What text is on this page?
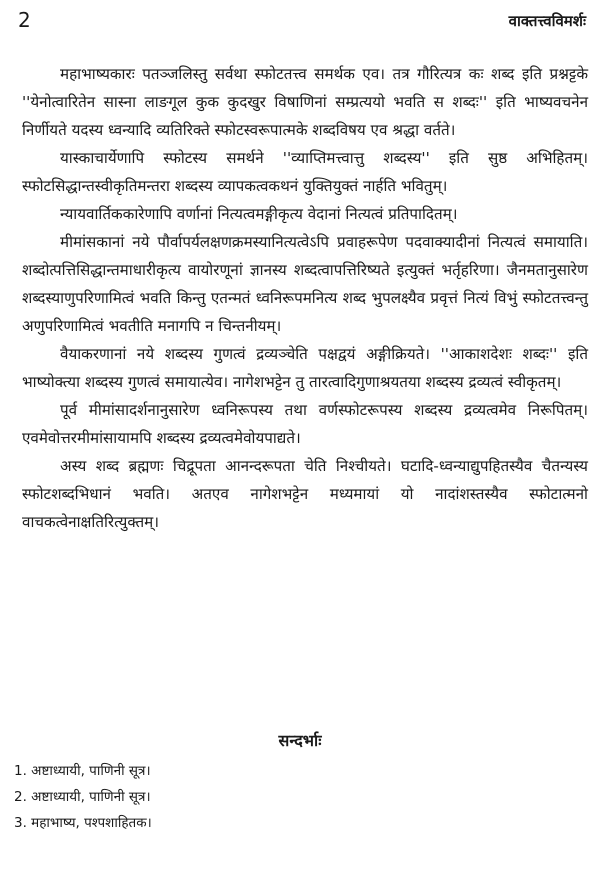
2	वाक्तत्त्वविमर्शः

महाभाष्यकारः पतञ्जलिस्तु सर्वथा स्फोटतत्त्व समर्थक एव। तत्र गौरित्यत्र कः शब्द इति प्रश्नट्टके ''येनोत्वारितेन सास्ना लाङगूल कुक कुदखुर विषाणिनां सम्प्रत्ययो भवति स शब्दः'' इति भाष्यवचनेन निर्णीयते यदस्य ध्वन्यादि व्यतिरिक्ते स्फोटस्वरूपात्मके शब्दविषय एव श्रद्धा वर्तते।

यास्काचार्येणापि स्फोटस्य समर्थने ''व्याप्तिमत्त्वात्तु शब्दस्य'' इति सुष्ठ अभिहितम्। स्फोटसिद्धान्तस्वीकृतिमन्तरा शब्दस्य व्यापकत्वकथनं युक्तियुक्तं नार्हति भवितुम्।

न्यायवार्तिककारेणापि वर्णानां नित्यत्वमङ्गीकृत्य वेदानां नित्यत्वं प्रतिपादितम्।

मीमांसकानां नये पौर्वापर्यलक्षणक्रमस्यानित्यत्वेऽपि प्रवाहरूपेण पदवाक्यादीनां नित्यत्वं समायाति। शब्दोत्पत्तिसिद्धान्तमाधारीकृत्य वायोरणूनां ज्ञानस्य शब्दत्वापत्तिरिष्यते इत्युक्तं भर्तृहरिणा। जैनमतानुसारेण शब्दस्याणुपरिणामित्वं भवति किन्तु एतन्मतं ध्वनिरूपमनित्य शब्द भुपलक्ष्यैव प्रवृत्तं नित्यं विभुं स्फोटतत्त्वन्तु अणुपरिणामित्वं भवतीति मनागपि न चिन्तनीयम्।

वैयाकरणानां नये शब्दस्य गुणत्वं द्रव्यञ्चेति पक्षद्वयं अङ्गीक्रियते। ''आकाशदेशः शब्दः'' इति भाष्योक्त्या शब्दस्य गुणत्वं समायात्येव। नागेशभट्टेन तु तारत्वादिगुणाश्रयतया शब्दस्य द्रव्यत्वं स्वीकृतम्।

पूर्व मीमांसादर्शनानुसारेण ध्वनिरूपस्य तथा वर्णस्फोटरूपस्य शब्दस्य द्रव्यत्वमेव निरूपितम्। एवमेवोत्तरमीमांसायामपि शब्दस्य द्रव्यत्वमेवोयपाद्यते।

अस्य शब्द ब्रह्मणः चिद्रूपता आनन्दरूपता चेति निश्चीयते। घटादि-ध्वन्याद्युपहितस्यैव चैतन्यस्य स्फोटशब्दभिधानं भवति। अतएव नागेशभट्टेन मध्यमायां यो नादांशस्तस्यैव स्फोटात्मनो वाचकत्वेनाक्षतिरित्युक्तम्।

सन्दर्भाः
1. अष्टाध्यायी, पाणिनी सूत्र।
2. अष्टाध्यायी, पाणिनी सूत्र।
3. महाभाष्य, पश्पशाहितक।
